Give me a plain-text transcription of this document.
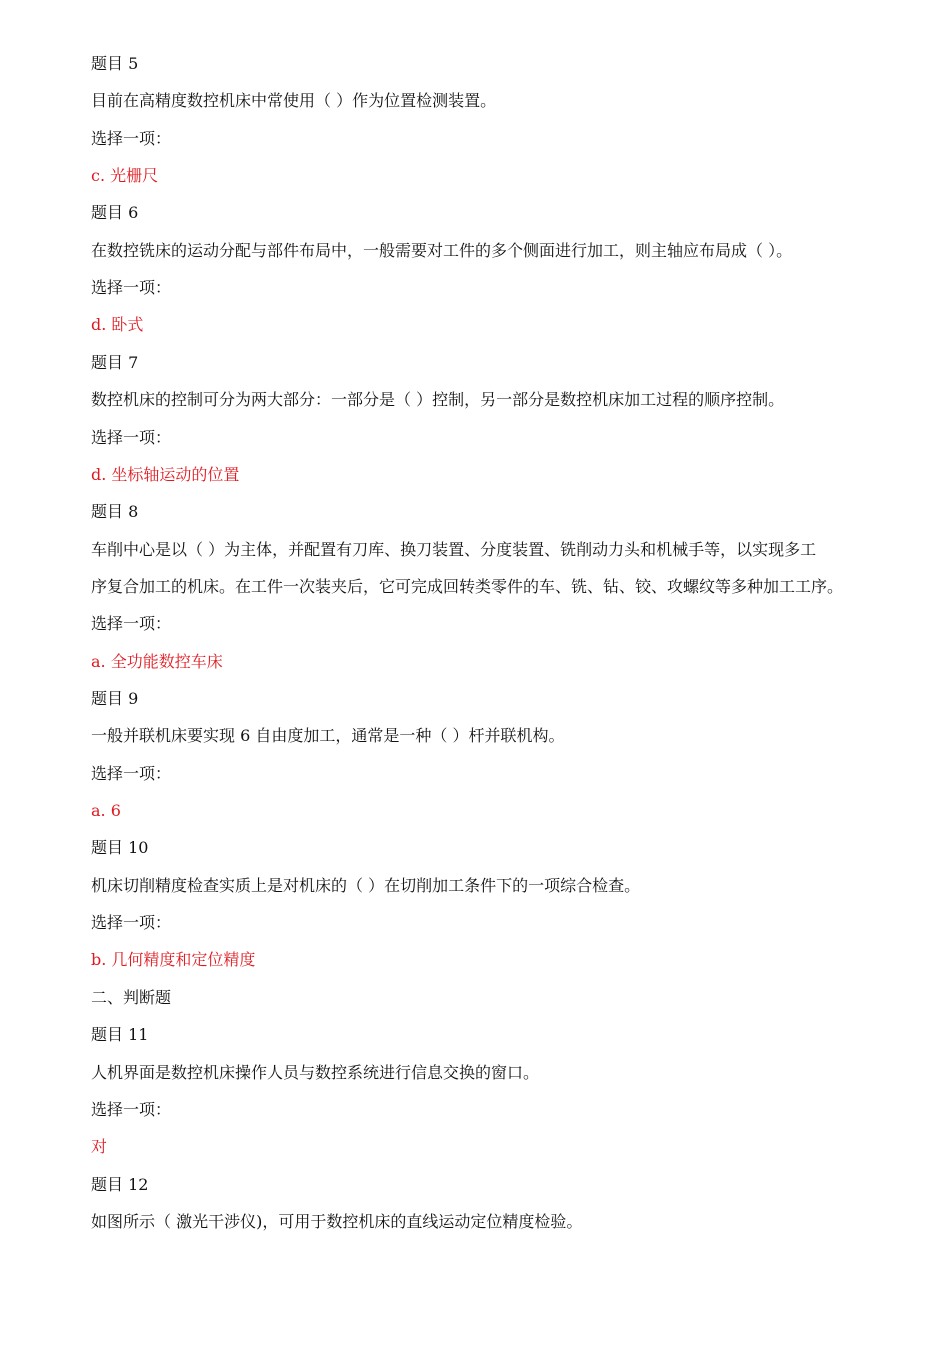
题目 5
目前在高精度数控机床中常使用（ ）作为位置检测装置。
选择一项：
c. 光栅尺
题目 6
在数控铣床的运动分配与部件布局中，一般需要对工件的多个侧面进行加工，则主轴应布局成（ ）。
选择一项：
d. 卧式
题目 7
数控机床的控制可分为两大部分：一部分是（ ）控制，另一部分是数控机床加工过程的顺序控制。
选择一项：
d. 坐标轴运动的位置
题目 8
车削中心是以（ ）为主体，并配置有刀库、换刀装置、分度装置、铣削动力头和机械手等，以实现多工
序复合加工的机床。在工件一次装夹后，它可完成回转类零件的车、铣、钻、铰、攻螺纹等多种加工工序。
选择一项：
a. 全功能数控车床
题目 9
一般并联机床要实现 6 自由度加工，通常是一种（ ）杆并联机构。
选择一项：
a. 6
题目 10
机床切削精度检查实质上是对机床的（ ）在切削加工条件下的一项综合检查。
选择一项：
b. 几何精度和定位精度
二、判断题
题目 11
人机界面是数控机床操作人员与数控系统进行信息交换的窗口。
选择一项：
对
题目 12
如图所示（ 激光干涉仪)，可用于数控机床的直线运动定位精度检验。
